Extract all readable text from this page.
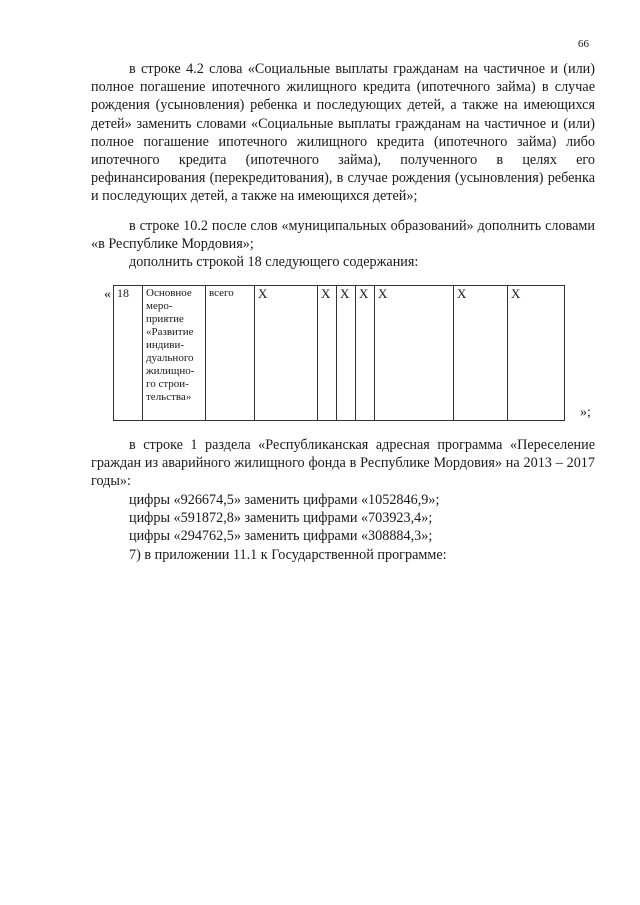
66

в строке 4.2 слова «Социальные выплаты гражданам на частичное и (или) полное погашение ипотечного жилищного кредита (ипотечного займа) в случае рождения (усыновления) ребенка и последующих детей, а также на имеющихся детей» заменить словами «Социальные выплаты гражданам на частичное и (или) полное погашение ипотечного жилищного кредита (ипотечного займа) либо ипотечного кредита (ипотечного займа), полученного в целях его рефинансирования (перекредитования), в случае рождения (усыновления) ребенка и последующих детей, а также на имеющихся детей»;

в строке 10.2 после слов «муниципальных образований» дополнить словами «в Республике Мордовия»;

дополнить строкой 18 следующего содержания:

« 18	Основное меро-приятие «Развитие индиви-дуального жилищно-го строи-тельства»	всего	Х	Х	Х	Х	Х	Х	Х
»;

в строке 1 раздела «Республиканская адресная программа «Переселение граждан из аварийного жилищного фонда в Республике Мордовия» на 2013 – 2017 годы»:

цифры «926674,5» заменить цифрами «1052846,9»;

цифры «591872,8» заменить цифрами «703923,4»;

цифры «294762,5» заменить цифрами «308884,3»;

7) в приложении 11.1 к Государственной программе:
